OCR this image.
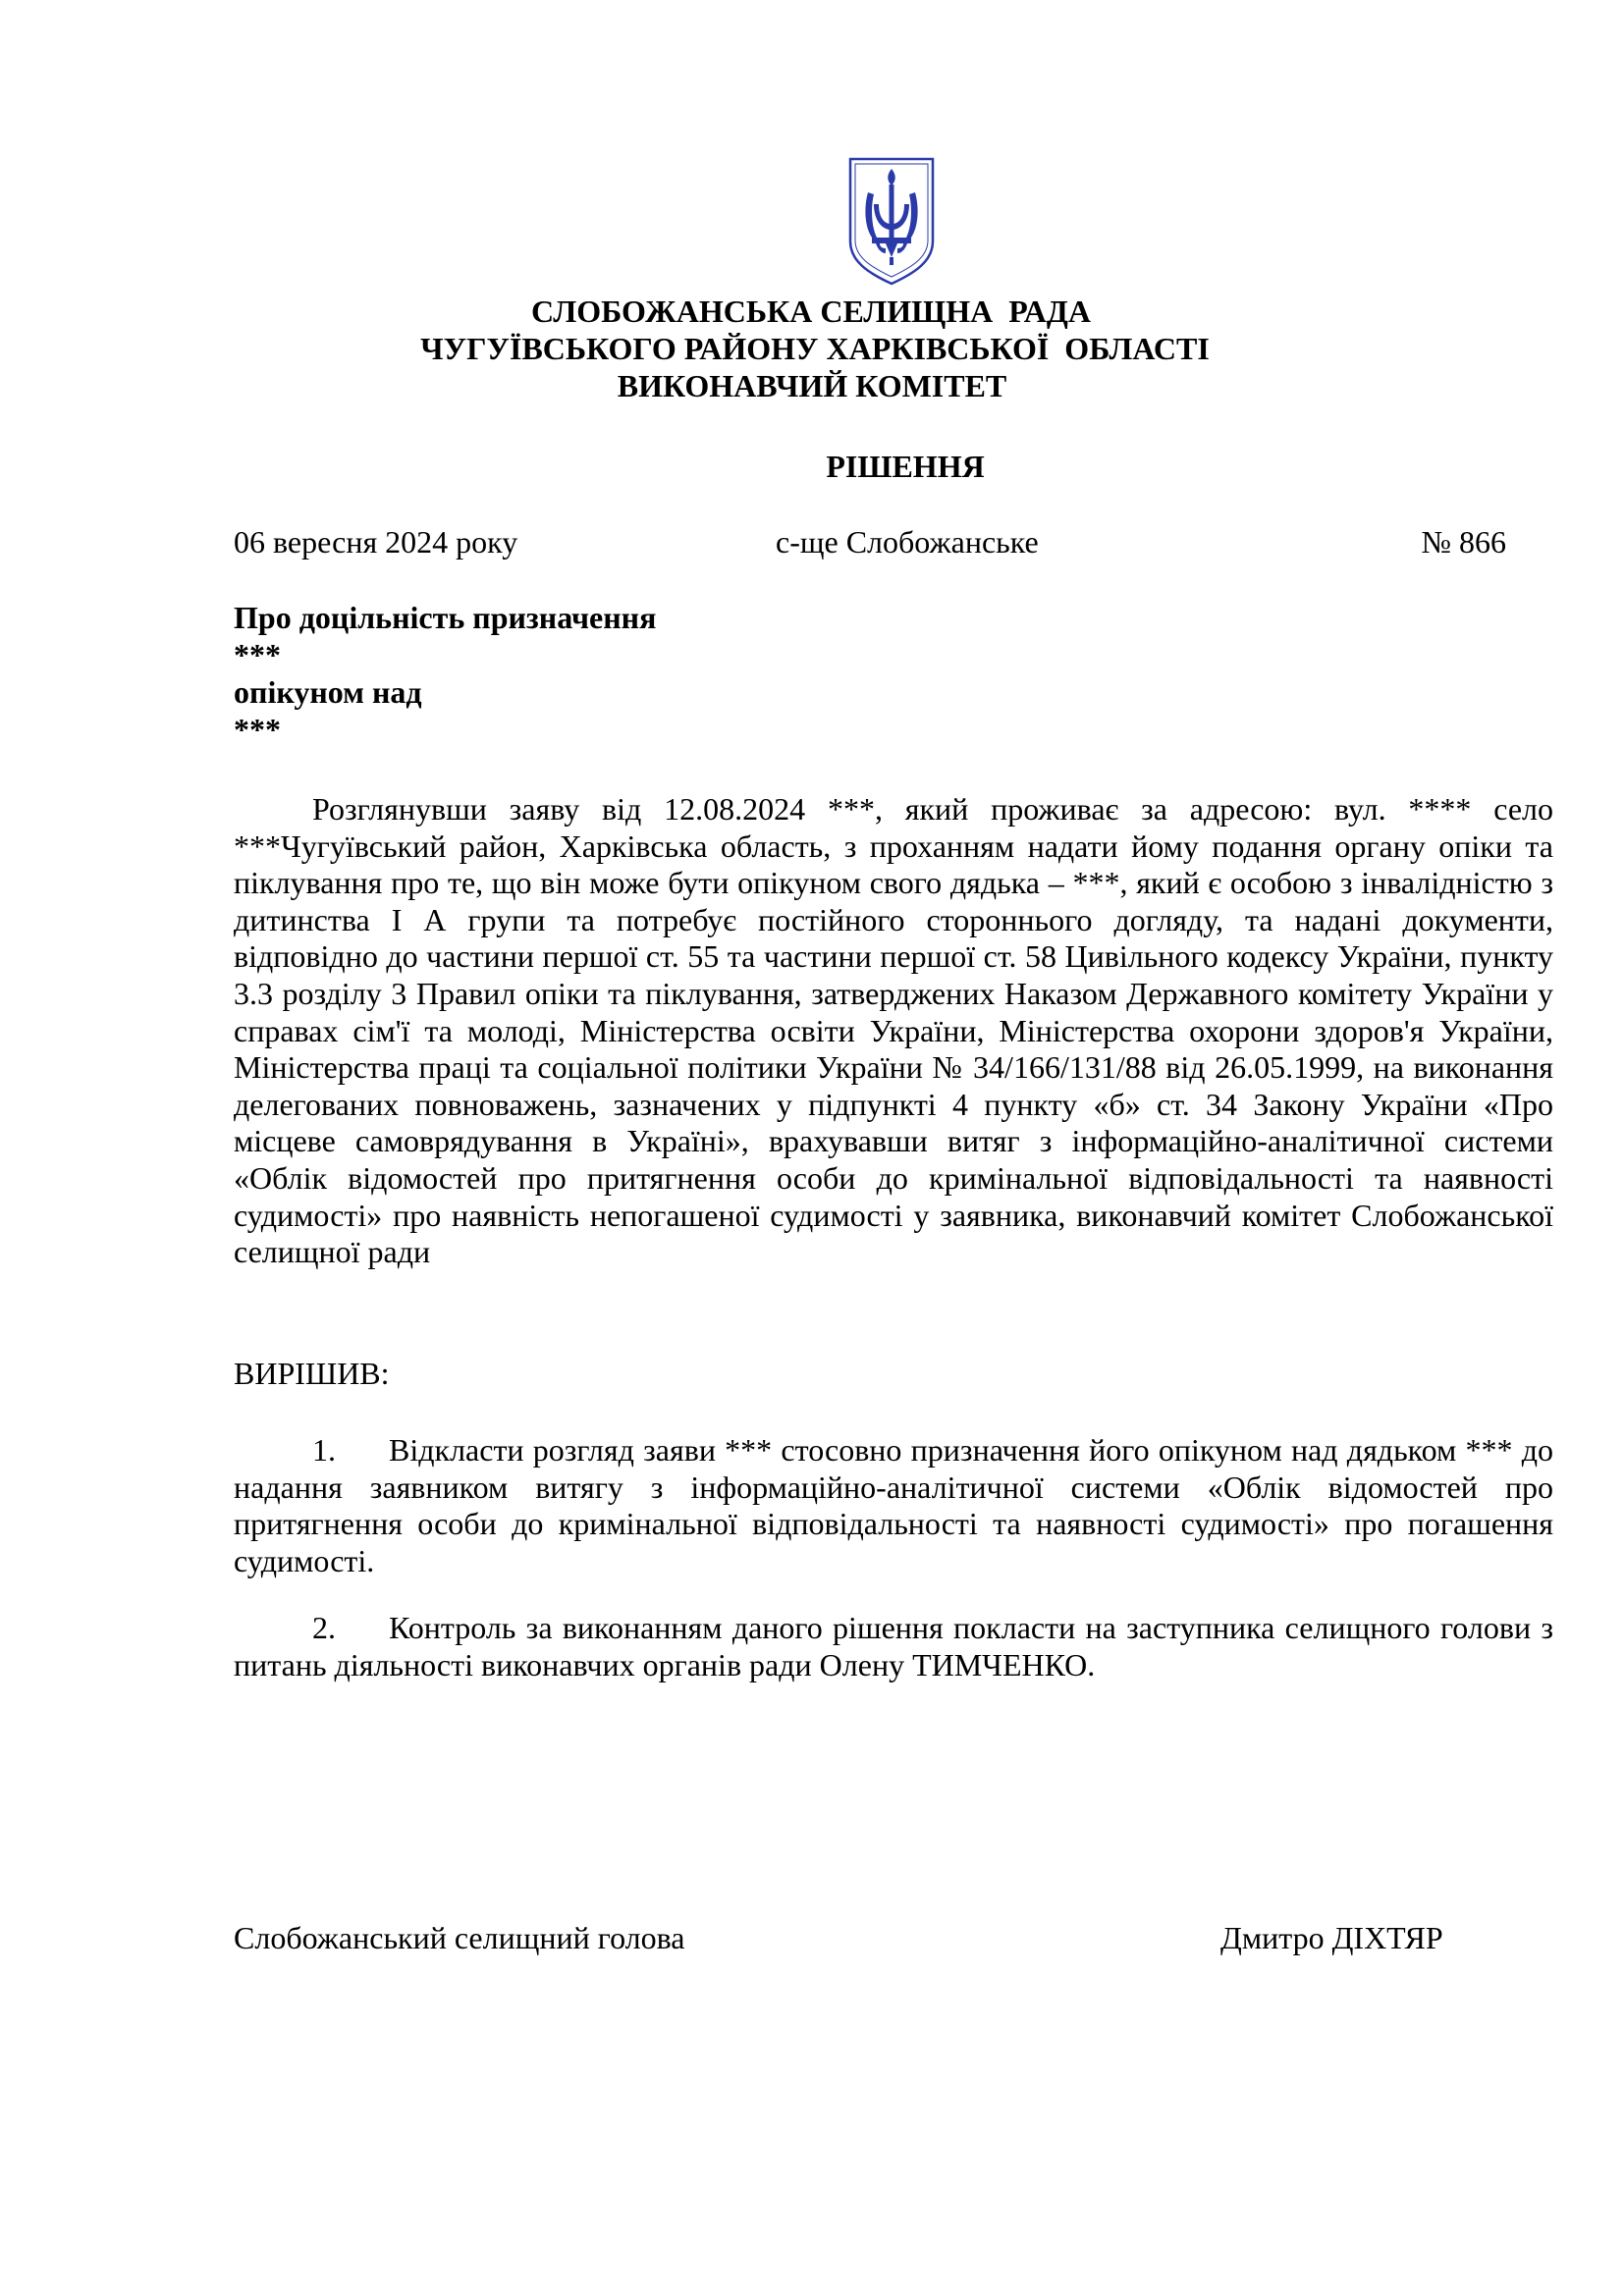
СЛОБОЖАНСЬКА СЕЛИЩНА  РАДА
ЧУГУЇВСЬКОГО РАЙОНУ ХАРКІВСЬКОЇ  ОБЛАСТІ
ВИКОНАВЧИЙ КОМІТЕТ
РІШЕННЯ
06 вересня 2024 року	с-ще Слобожанське	№ 866
Про доцільність призначення
***
опікуном над
***
Розглянувши заяву від 12.08.2024 ***, який проживає за адресою: вул. **** село ***Чугуївський район, Харківська область, з проханням надати йому подання органу опіки та піклування про те, що він може бути опікуном свого дядька – ***, який є особою з інвалідністю з дитинства I А групи та потребує постійного стороннього догляду, та надані документи, відповідно до частини першої ст. 55 та частини першої ст. 58 Цивільного кодексу України, пункту 3.3 розділу 3 Правил опіки та піклування, затверджених Наказом Державного комітету України у справах сім'ї та молоді, Міністерства освіти України, Міністерства охорони здоров'я України, Міністерства праці та соціальної політики України № 34/166/131/88 від 26.05.1999, на виконання делегованих повноважень, зазначених у підпункті 4 пункту «б» ст. 34 Закону України «Про місцеве самоврядування в Україні», врахувавши витяг з інформаційно-аналітичної системи «Облік відомостей про притягнення особи до кримінальної відповідальності та наявності судимості» про наявність непогашеної судимості у заявника, виконавчий комітет Слобожанської селищної ради
ВИРІШИВ:
1. Відкласти розгляд заяви *** стосовно призначення його опікуном над дядьком *** до надання заявником витягу з інформаційно-аналітичної системи «Облік відомостей про притягнення особи до кримінальної відповідальності та наявності судимості» про погашення судимості.
2. Контроль за виконанням даного рішення покласти на заступника селищного голови з питань діяльності виконавчих органів ради Олену ТИМЧЕНКО.
Слобожанський селищний голова	Дмитро ДІХТЯР
